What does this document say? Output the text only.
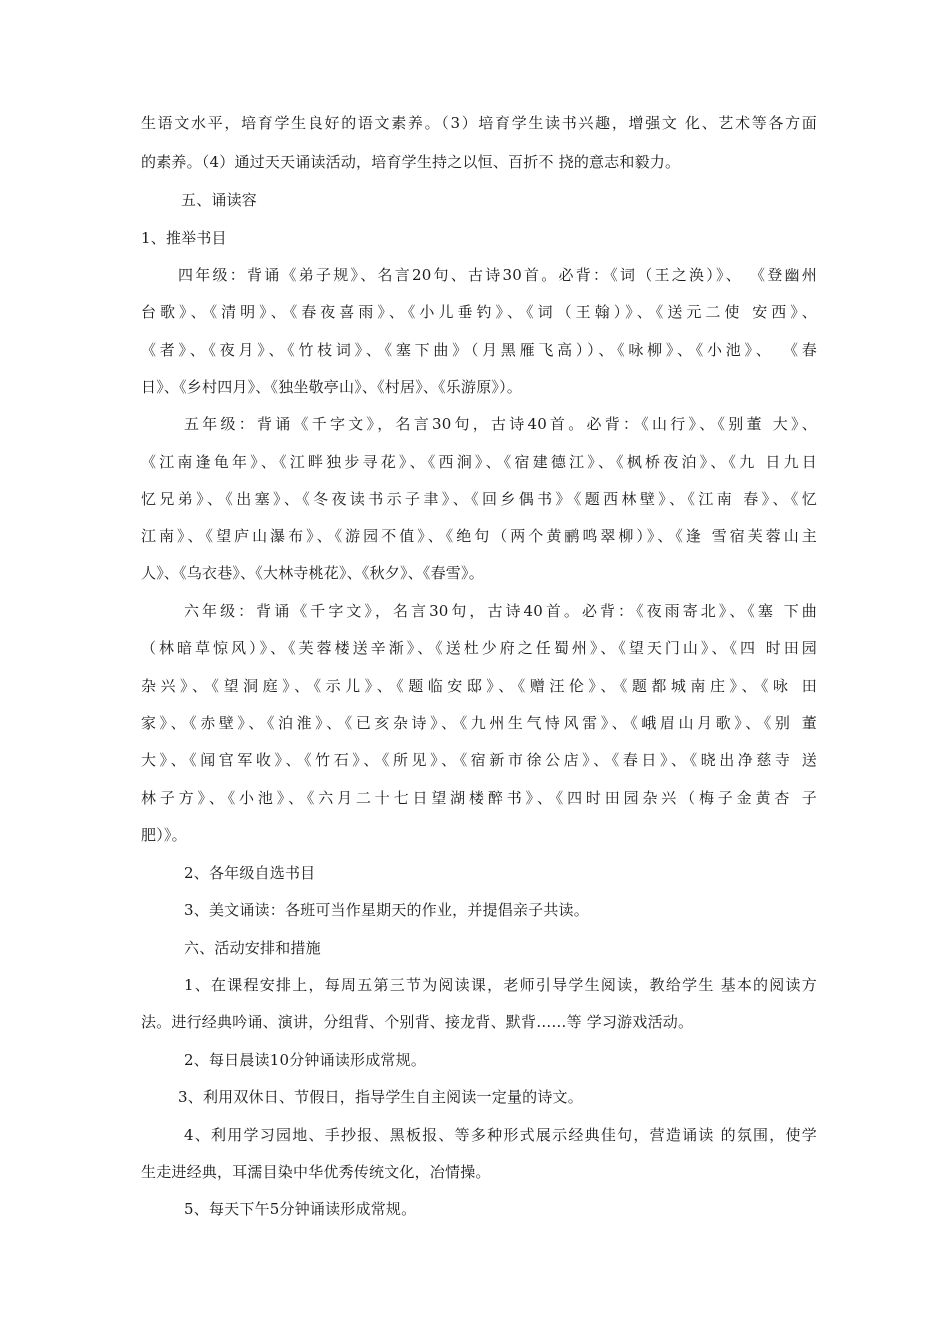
生语文水平，培育学生良好的语文素养。（3）培育学生读书兴趣，增强文 化、艺术等各方面
的素养。（4）通过天天诵读活动，培育学生持之以恒、百折不 挠的意志和毅力。
五、诵读容
1、推举书目
四年级：背诵《弟子规》、名言20句、古诗30首。必背：《词（王之涣）》、 《登幽州
台歌》、《清明》、《春夜喜雨》、《小儿垂钓》、《词（王翰）》、《送元二使 安西》、
《者》、《夜月》、《竹枝词》、《塞下曲》（月黑雁飞高））、《咏柳》、《小池》、 《春
日》、《乡村四月》、《独坐敬亭山》、《村居》、《乐游原》）。
五年级：背诵《千字文》，名言30句，古诗40首。必背：《山行》、《别董 大》、
《江南逢龟年》、《江畔独步寻花》、《西涧》、《宿建德江》、《枫桥夜泊》、《九 日九日
忆兄弟》、《出塞》、《冬夜读书示子聿》、《回乡偶书》《题西林壁》、《江南 春》、《忆
江南》、《望庐山瀑布》、《游园不值》、《绝句（两个黄鹂鸣翠柳）》、《逢 雪宿芙蓉山主
人》、《乌衣巷》、《大林寺桃花》、《秋夕》、《春雪》。
六年级：背诵《千字文》，名言30句，古诗40首。必背：《夜雨寄北》、《塞 下曲
（林暗草惊风）》、《芙蓉楼送辛渐》、《送杜少府之任蜀州》、《望天门山》、《四 时田园
杂兴》、《望洞庭》、《示儿》、《题临安邸》、《赠汪伦》、《题都城南庄》、《咏 田
家》、《赤壁》、《泊淮》、《已亥杂诗》、《九州生气恃风雷》、《峨眉山月歌》、《别 董
大》、《闻官军收》、《竹石》、《所见》、《宿新市徐公店》、《春日》、《晓出净慈寺 送
林子方》、《小池》、《六月二十七日望湖楼醉书》、《四时田园杂兴（梅子金黄杏 子
肥）》。
2、各年级自选书目
3、美文诵读：各班可当作星期天的作业，并提倡亲子共读。
六、活动安排和措施
1、在课程安排上，每周五第三节为阅读课，老师引导学生阅读，教给学生 基本的阅读方
法。进行经典吟诵、演讲，分组背、个别背、接龙背、默背……等 学习游戏活动。
2、每日晨读10分钟诵读形成常规。
3、利用双休日、节假日，指导学生自主阅读一定量的诗文。
4、利用学习园地、手抄报、黑板报、等多种形式展示经典佳句，营造诵读 的氛围，使学
生走进经典，耳濡目染中华优秀传统文化，冶情操。
5、每天下午5分钟诵读形成常规。
